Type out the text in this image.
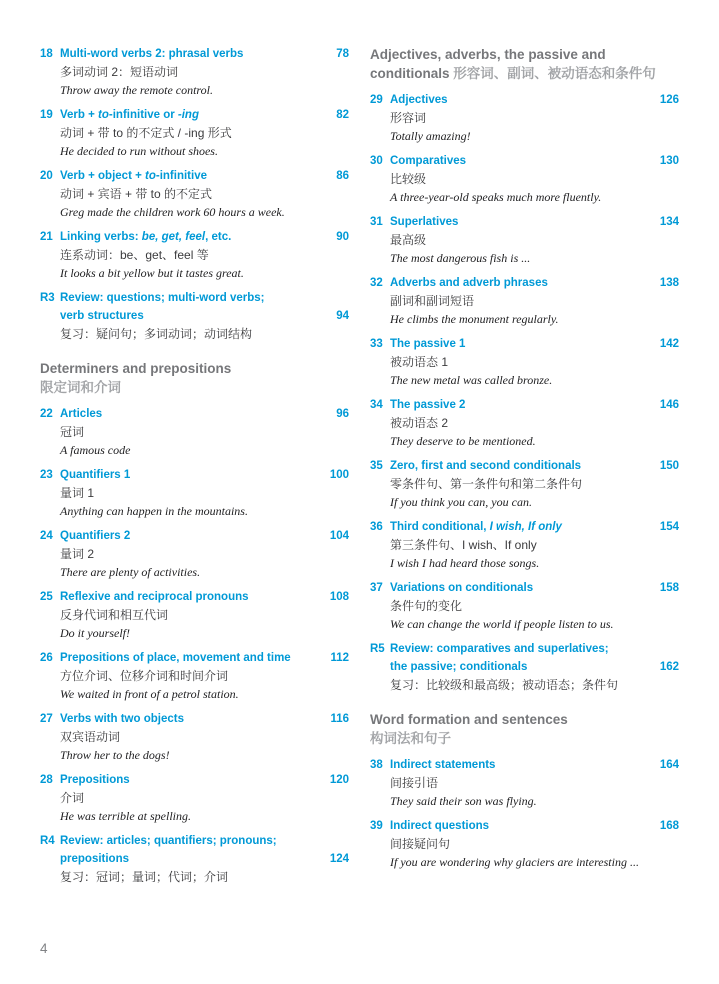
18 Multi-word verbs 2: phrasal verbs	78
多词动词 2：短语动词
Throw away the remote control.
19 Verb + to-infinitive or -ing	82
动词 + 带 to 的不定式 / -ing 形式
He decided to run without shoes.
20 Verb + object + to-infinitive	86
动词 + 宾语 + 带 to 的不定式
Greg made the children work 60 hours a week.
21 Linking verbs: be, get, feel, etc.	90
连系动词：be、get、feel 等
It looks a bit yellow but it tastes great.
R3 Review: questions; multi-word verbs;
verb structures	94
复习：疑问句；多词动词；动词结构
Determiners and prepositions
限定词和介词
22 Articles	96
冠词
A famous code
23 Quantifiers 1	100
量词 1
Anything can happen in the mountains.
24 Quantifiers 2	104
量词 2
There are plenty of activities.
25 Reflexive and reciprocal pronouns	108
反身代词和相互代词
Do it yourself!
26 Prepositions of place, movement and time	112
方位介词、位移介词和时间介词
We waited in front of a petrol station.
27 Verbs with two objects	116
双宾语动词
Throw her to the dogs!
28 Prepositions	120
介词
He was terrible at spelling.
R4 Review: articles; quantifiers; pronouns;
prepositions	124
复习：冠词；量词；代词；介词
Adjectives, adverbs, the passive and conditionals 形容词、副词、被动语态和条件句
29 Adjectives	126
形容词
Totally amazing!
30 Comparatives	130
比较级
A three-year-old speaks much more fluently.
31 Superlatives	134
最高级
The most dangerous fish is ...
32 Adverbs and adverb phrases	138
副词和副词短语
He climbs the monument regularly.
33 The passive 1	142
被动语态 1
The new metal was called bronze.
34 The passive 2	146
被动语态 2
They deserve to be mentioned.
35 Zero, first and second conditionals	150
零条件句、第一条件句和第二条件句
If you think you can, you can.
36 Third conditional, I wish, If only	154
第三条件句、I wish、If only
I wish I had heard those songs.
37 Variations on conditionals	158
条件句的变化
We can change the world if people listen to us.
R5 Review: comparatives and superlatives;
the passive; conditionals	162
复习：比较级和最高级；被动语态；条件句
Word formation and sentences
构词法和句子
38 Indirect statements	164
间接引语
They said their son was flying.
39 Indirect questions	168
间接疑问句
If you are wondering why glaciers are interesting ...
4
